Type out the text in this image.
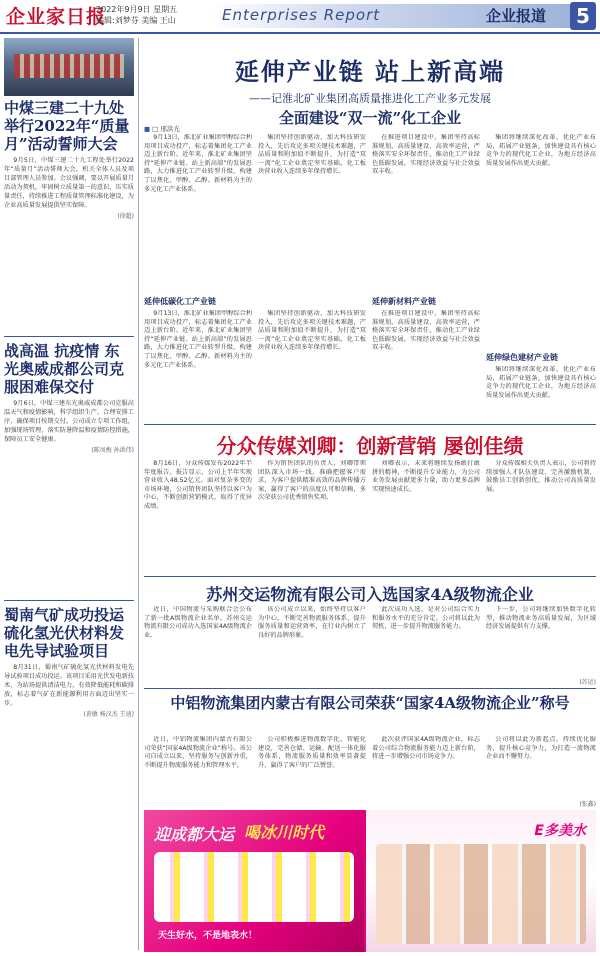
企业家日报
2022年9月9日 星期五
编辑:刘梦芬 美编 王山	Enterprises Report	企业报道	5
中煤三建二十九处举行2022年“质量月”活动誓师大会

9月5日，中煤三建二十九工程处举行2022年“质量月”活动誓师大会，机关全体人员及项目部管理人员参加。会议强调，要以开展质量月活动为契机，牢固树立质量第一的意识，压实质量责任，持续推进工程质量管理标准化建设，为企业高质量发展提供坚实保障。

(徐超)
战高温 抗疫情 东光奥威成都公司克服困难保交付

9月6日，中煤三建东光奥威成都公司克服高温天气和疫情影响，科学组织生产，合理安排工序，确保项目按期交付。公司成立专项工作组，加强现场管理，落实防暑降温和疫情防控措施，保障员工安全健康。

(陈凤梅 孙洪伟)
蜀南气矿成功投运硫化氢光伏材料发电先导试验项目

8月31日，蜀南气矿硫化氢光伏材料发电先导试验项目成功投运。该项目采用光伏发电新技术，为站场提供清洁电力，有效降低能耗和碳排放，标志着气矿在新能源利用方面迈出坚实一步。

(黄敏 杨汉杰 王迪)
延伸产业链 站上新高端
——记淮北矿业集团高质量推进化工产业多元发展
全面建设“双一流”化工企业
■ □ 邢洪光

9月13日，淮北矿业集团甲醇综合利用项目成功投产，标志着集团化工产业迈上新台阶。近年来，淮北矿业集团坚持“延伸产业链、站上新高端”的发展思路，大力推进化工产业转型升级，构建了以焦化、甲醇、乙醇、新材料为主的多元化工产业体系。

集团坚持创新驱动，加大科技研发投入，先后攻克多项关键技术难题，产品质量和附加值不断提升，为打造“双一流”化工企业奠定坚实基础。化工板块营业收入连续多年保持增长。

在推进项目建设中，集团坚持高标准规划、高质量建设、高效率运营，严格落实安全环保责任，推动化工产业绿色低碳发展，实现经济效益与社会效益双丰收。

集团将继续深化改革，优化产业布局，拓展产业链条，加快建设具有核心竞争力的现代化工企业，为地方经济高质量发展作出更大贡献。

延伸低碳化工产业链	延伸新材料产业链
延伸绿色建材产业链

9月13日，淮北矿业集团甲醇综合利用项目成功投产，标志着集团化工产业迈上新台阶。近年来，淮北矿业集团坚持“延伸产业链、站上新高端”的发展思路，大力推进化工产业转型升级，构建了以焦化、甲醇、乙醇、新材料为主的多元化工产业体系。

集团坚持创新驱动，加大科技研发投入，先后攻克多项关键技术难题，产品质量和附加值不断提升，为打造“双一流”化工企业奠定坚实基础。化工板块营业收入连续多年保持增长。

在推进项目建设中，集团坚持高标准规划、高质量建设、高效率运营，严格落实安全环保责任，推动化工产业绿色低碳发展，实现经济效益与社会效益双丰收。

集团将继续深化改革，优化产业布局，拓展产业链条，加快建设具有核心竞争力的现代化工企业，为地方经济高质量发展作出更大贡献。

分众传媒刘卿：创新营销 屡创佳绩

8月16日，分众传媒发布2022年半年度报告。报告显示，公司上半年实现营业收入48.52亿元。面对复杂多变的市场环境，公司销售团队坚持以客户为中心，不断创新营销模式，取得了优异成绩。

作为销售团队的负责人，刘卿带领团队深入市场一线，准确把握客户需求，为客户提供精准高效的品牌传播方案，赢得了客户的高度认可和信赖，多次荣获公司优秀销售奖项。

刘卿表示，未来将继续发扬敢打敢拼的精神，不断提升专业能力，为公司业务发展贡献更多力量，助力更多品牌实现快速成长。

分众传媒相关负责人表示，公司将持续加强人才队伍建设，完善激励机制，鼓励员工创新创优，推动公司高质量发展。

苏州交运物流有限公司入选国家4A级物流企业

近日，中国物流与采购联合会公布了新一批A级物流企业名单，苏州交运物流有限公司成功入选国家4A级物流企业。

该公司成立以来，始终坚持以客户为中心，不断完善物流服务体系，提升服务质量和运营效率，在行业内树立了良好的品牌形象。

此次成功入选，是对公司综合实力和服务水平的充分肯定。公司将以此为契机，进一步提升物流服务能力。

下一步，公司将继续加快数字化转型，推动物流业务高质量发展，为区域经济发展提供有力支撑。

(苏运)
中铝物流集团内蒙古有限公司荣获“国家4A级物流企业”称号

近日，中铝物流集团内蒙古有限公司荣获“国家4A级物流企业”称号。该公司自成立以来，坚持服务与创新并重，不断提升物流服务能力和管理水平。

公司积极推进物流数字化、智能化建设，完善仓储、运输、配送一体化服务体系，物流服务质量和效率显著提升，赢得了客户的广泛赞誉。

此次获评国家4A级物流企业，标志着公司综合物流服务能力迈上新台阶，将进一步增强公司市场竞争力。

公司将以此为新起点，持续优化服务，提升核心竞争力，为打造一流物流企业而不懈努力。

(张鑫)
迎成都大运 喝冰川时代
天生好水，不是地表水！
E多美水
